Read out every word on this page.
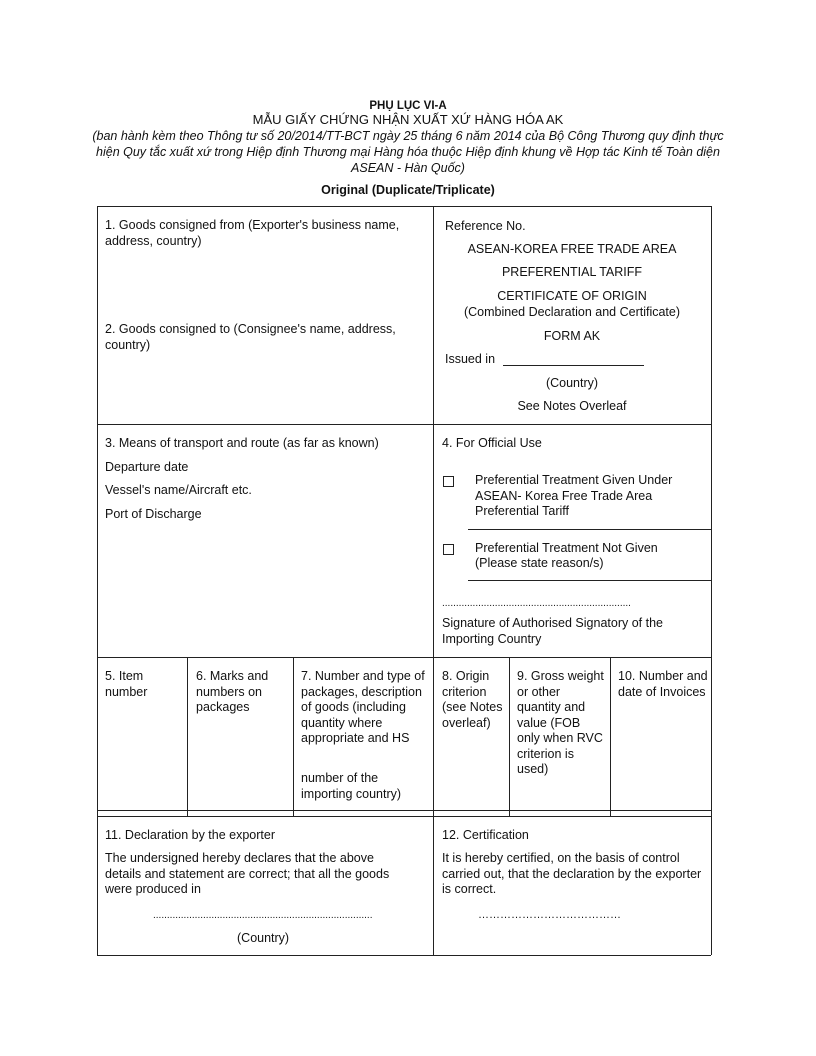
PHỤ LỤC VI-A
MẪU GIẤY CHỨNG NHẬN XUẤT XỨ HÀNG HÓA AK
(ban hành kèm theo Thông tư số 20/2014/TT-BCT ngày 25 tháng 6 năm 2014 của Bộ Công Thương quy định thực hiện Quy tắc xuất xứ trong Hiệp định Thương mại Hàng hóa thuộc Hiệp định khung về Hợp tác Kinh tế Toàn diện ASEAN - Hàn Quốc)
Original (Duplicate/Triplicate)
1. Goods consigned from (Exporter's business name, address, country)
2. Goods consigned to (Consignee's name, address, country)
Reference No.
ASEAN-KOREA FREE TRADE AREA
PREFERENTIAL TARIFF
CERTIFICATE OF ORIGIN
(Combined Declaration and Certificate)
FORM AK
Issued in
(Country)
See Notes Overleaf
3. Means of transport and route (as far as known)
Departure date
Vessel's name/Aircraft etc.
Port of Discharge
4. For Official Use
Preferential Treatment Given Under ASEAN- Korea Free Trade Area Preferential Tariff
Preferential Treatment Not Given
(Please state reason/s)
....................................................................
Signature of Authorised Signatory of the Importing Country
5. Item number
6. Marks and numbers on packages
7. Number and type of packages, description of goods (including quantity where appropriate and HS
number of the importing country)
8. Origin criterion (see Notes overleaf)
9. Gross weight or other quantity and value (FOB only when RVC criterion is used)
10. Number and date of Invoices
11. Declaration by the exporter
The undersigned hereby declares that the above details and statement are correct; that all the goods were produced in
...............................................................................
(Country)
12. Certification
It is hereby certified, on the basis of control carried out, that the declaration by the exporter is correct.
…………………………………
